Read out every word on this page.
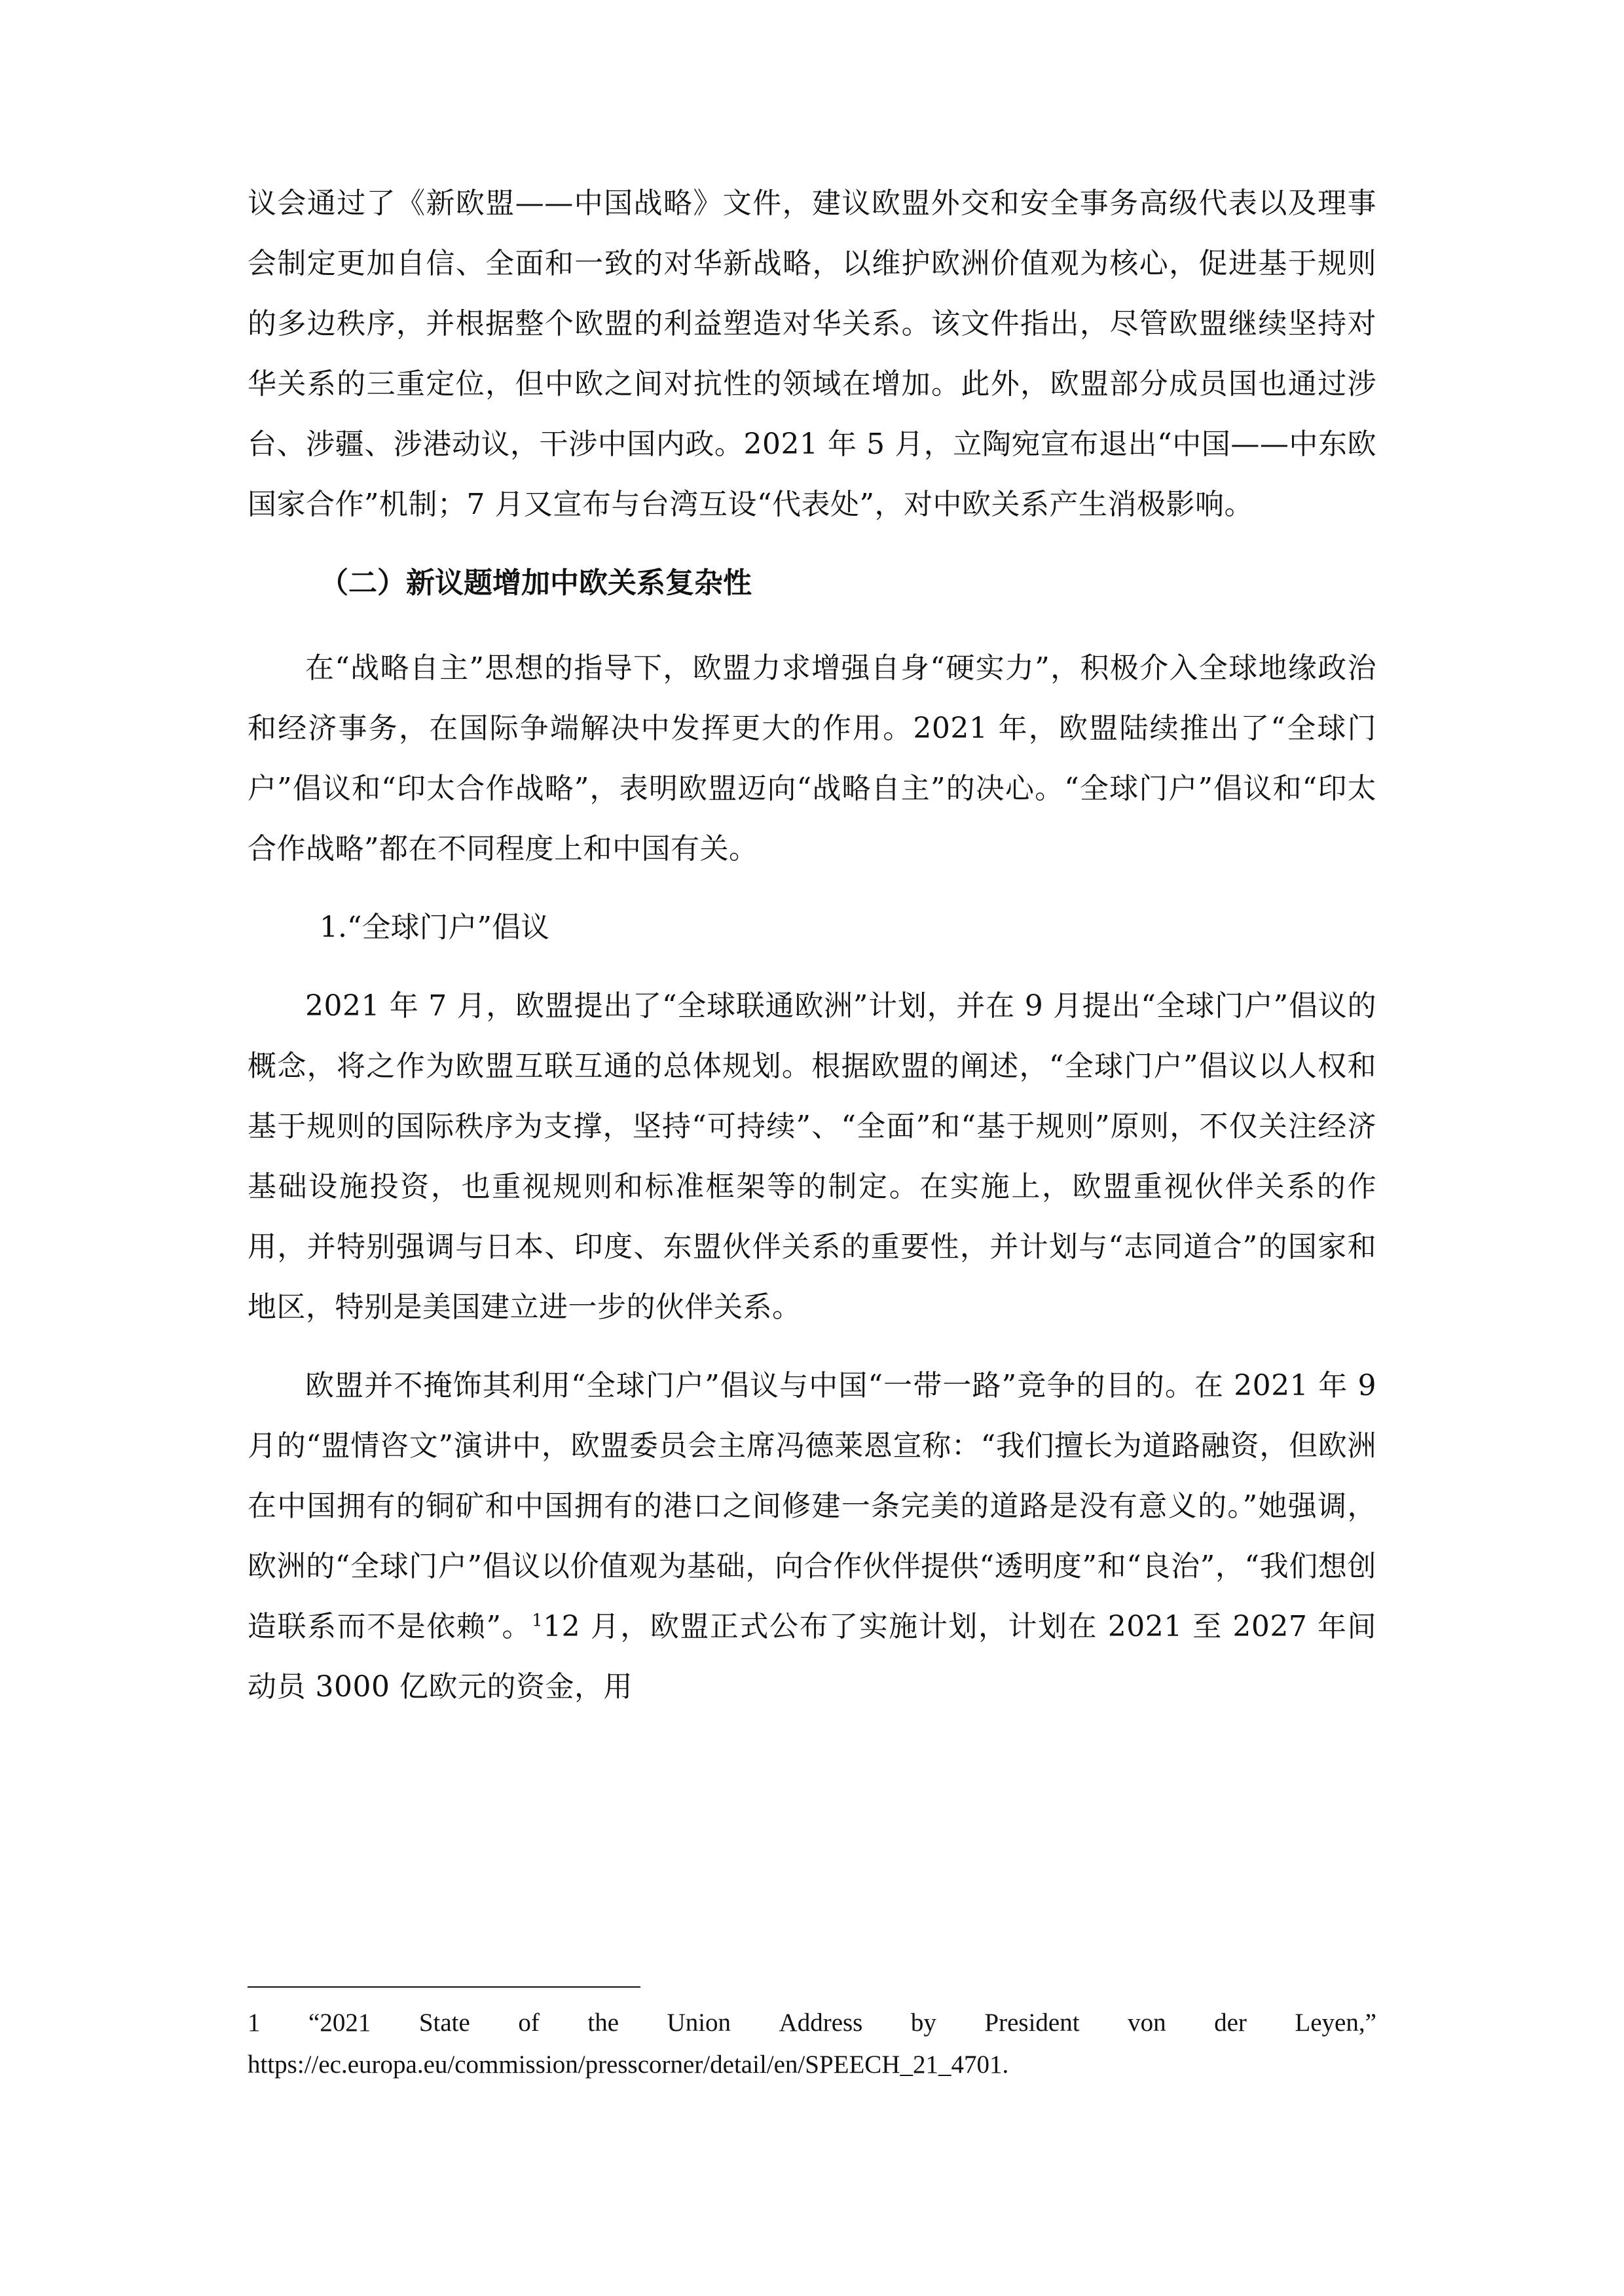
议会通过了《新欧盟——中国战略》文件，建议欧盟外交和安全事务高级代表以及理事会制定更加自信、全面和一致的对华新战略，以维护欧洲价值观为核心，促进基于规则的多边秩序，并根据整个欧盟的利益塑造对华关系。该文件指出，尽管欧盟继续坚持对华关系的三重定位，但中欧之间对抗性的领域在增加。此外，欧盟部分成员国也通过涉台、涉疆、涉港动议，干涉中国内政。2021 年 5 月，立陶宛宣布退出“中国——中东欧国家合作”机制；7 月又宣布与台湾互设“代表处”，对中欧关系产生消极影响。

（二）新议题增加中欧关系复杂性

在“战略自主”思想的指导下，欧盟力求增强自身“硬实力”，积极介入全球地缘政治和经济事务，在国际争端解决中发挥更大的作用。2021 年，欧盟陆续推出了“全球门户”倡议和“印太合作战略”，表明欧盟迈向“战略自主”的决心。“全球门户”倡议和“印太合作战略”都在不同程度上和中国有关。

1.“全球门户”倡议

2021 年 7 月，欧盟提出了“全球联通欧洲”计划，并在 9 月提出“全球门户”倡议的概念，将之作为欧盟互联互通的总体规划。根据欧盟的阐述，“全球门户”倡议以人权和基于规则的国际秩序为支撑，坚持“可持续”、“全面”和“基于规则”原则，不仅关注经济基础设施投资，也重视规则和标准框架等的制定。在实施上，欧盟重视伙伴关系的作用，并特别强调与日本、印度、东盟伙伴关系的重要性，并计划与“志同道合”的国家和地区，特别是美国建立进一步的伙伴关系。

欧盟并不掩饰其利用“全球门户”倡议与中国“一带一路”竞争的目的。在 2021 年 9 月的“盟情咨文”演讲中，欧盟委员会主席冯德莱恩宣称：“我们擅长为道路融资，但欧洲在中国拥有的铜矿和中国拥有的港口之间修建一条完美的道路是没有意义的。”她强调，欧洲的“全球门户”倡议以价值观为基础，向合作伙伴提供“透明度”和“良治”，“我们想创造联系而不是依赖”。$^1$12 月，欧盟正式公布了实施计划，计划在 2021 至 2027 年间动员 3000 亿欧元的资金，用

1 “2021 State of the Union Address by President von der Leyen,”
https://ec.europa.eu/commission/presscorner/detail/en/SPEECH_21_4701.
